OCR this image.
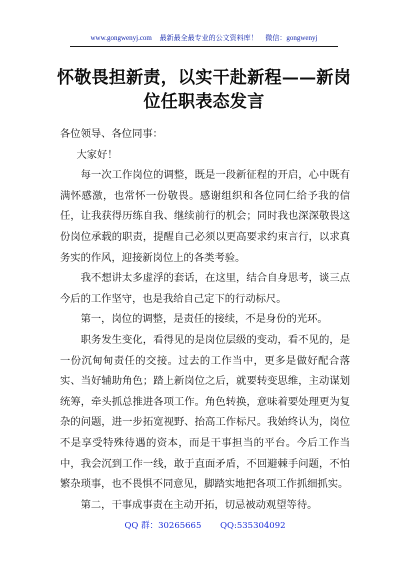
www.gongwenyj.com 最新最全最专业的公文资料库！ 微信：gongwenyj
怀敬畏担新责，以实干赴新程——新岗位任职表态发言

各位领导、各位同事：

大家好！

每一次工作岗位的调整，既是一段新征程的开启，心中既有满怀感激，也常怀一份敬畏。感谢组织和各位同仁给予我的信任，让我获得历练自我、继续前行的机会；同时我也深深敬畏这份岗位承载的职责，提醒自己必须以更高要求约束言行，以求真务实的作风，迎接新岗位上的各类考验。

我不想讲太多虚浮的套话，在这里，结合自身思考，谈三点今后的工作坚守，也是我给自己定下的行动标尺。

第一，岗位的调整，是责任的接续，不是身份的光环。

职务发生变化，看得见的是岗位层级的变动，看不见的，是一份沉甸甸责任的交接。过去的工作当中，更多是做好配合落实、当好辅助角色；踏上新岗位之后，就要转变思维，主动谋划统筹，牵头抓总推进各项工作。角色转换，意味着要处理更为复杂的问题，进一步拓宽视野、抬高工作标尺。我始终认为，岗位不是享受特殊待遇的资本，而是干事担当的平台。今后工作当中，我会沉到工作一线，敢于直面矛盾，不回避棘手问题，不怕繁杂琐事，也不畏惧不同意见，脚踏实地把各项工作抓细抓实。

第二，干事成事责在主动开拓，切忌被动观望等待。

QQ 群：30265665 QQ:535304092
